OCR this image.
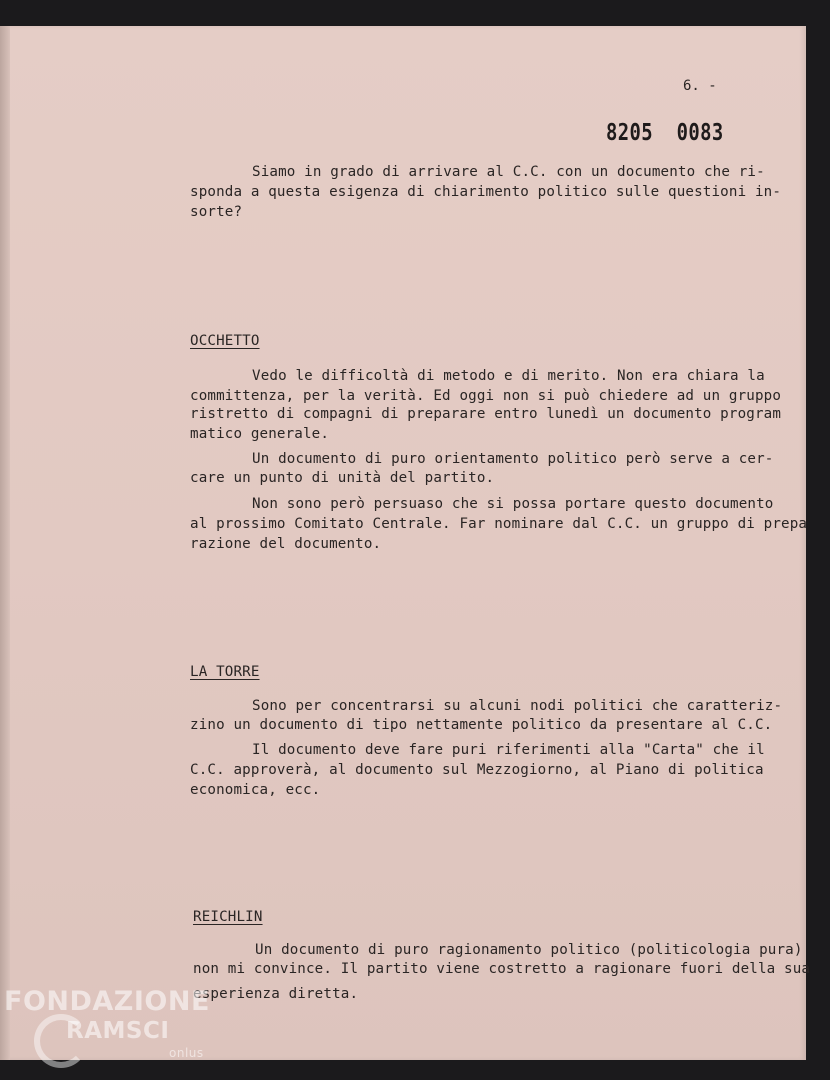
6. -
8205  0083
Siamo in grado di arrivare al C.C. con un documento che ri-
sponda a questa esigenza di chiarimento politico sulle questioni in-
sorte?
OCCHETTO
Vedo le difficoltà di metodo e di merito. Non era chiara la
committenza, per la verità. Ed oggi non si può chiedere ad un gruppo
ristretto di compagni di preparare entro lunedì un documento program
matico generale.
Un documento di puro orientamento politico però serve a cer-
care un punto di unità del partito.
Non sono però persuaso che si possa portare questo documento
al prossimo Comitato Centrale. Far nominare dal C.C. un gruppo di prepa
razione del documento.
LA TORRE
Sono per concentrarsi su alcuni nodi politici che caratteriz-
zino un documento di tipo nettamente politico da presentare al C.C.
Il documento deve fare puri riferimenti alla "Carta" che il
C.C. approverà, al documento sul Mezzogiorno, al Piano di politica
economica, ecc.
REICHLIN
Un documento di puro ragionamento politico (politicologia pura)
non mi convince. Il partito viene costretto a ragionare fuori della sua
esperienza diretta.
FONDAZIONE
RAMSCI
onlus
